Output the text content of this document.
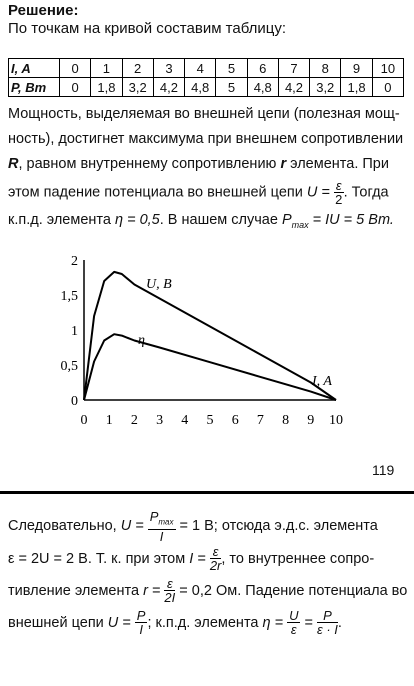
Решение:
По точкам на кривой составим таблицу:
I, A	0	1	2	3	4	5	6	7	8	9	10
P, Вт	0	1,8	3,2	4,2	4,8	5	4,8	4,2	3,2	1,8	0
Мощность, выделяемая во внешней цепи (полезная мощ-
ность), достигнет максимума при внешнем сопротивлении
R, равном внутреннему сопротивлению r элемента. При
этом падение потенциала во внешней цепи $U = \frac{\varepsilon}{2}$ . Тогда
к.п.д. элемента η = 0,5. В нашем случае $P_{max}$ = IU = 5 Вт.
0
0,5
1
1,5
2
0 1 2 3 4 5 6 7 8 9 10
U, В
η
I, A
119
Следовательно, $U = \frac{P_{max}}{I} = 1$ В; отсюда э.д.с. элемента
ε = 2U = 2 В. Т. к. при этом $I = \frac{\varepsilon}{2r}$ , то внутреннее сопро-
тивление элемента $r = \frac{\varepsilon}{2I} = 0,2$ Ом. Падение потенциала во
внешней цепи $U = \frac{P}{I}$ ; к.п.д. элемента $\eta = \frac{U}{\varepsilon} = \frac{P}{\varepsilon \cdot I}$ .
